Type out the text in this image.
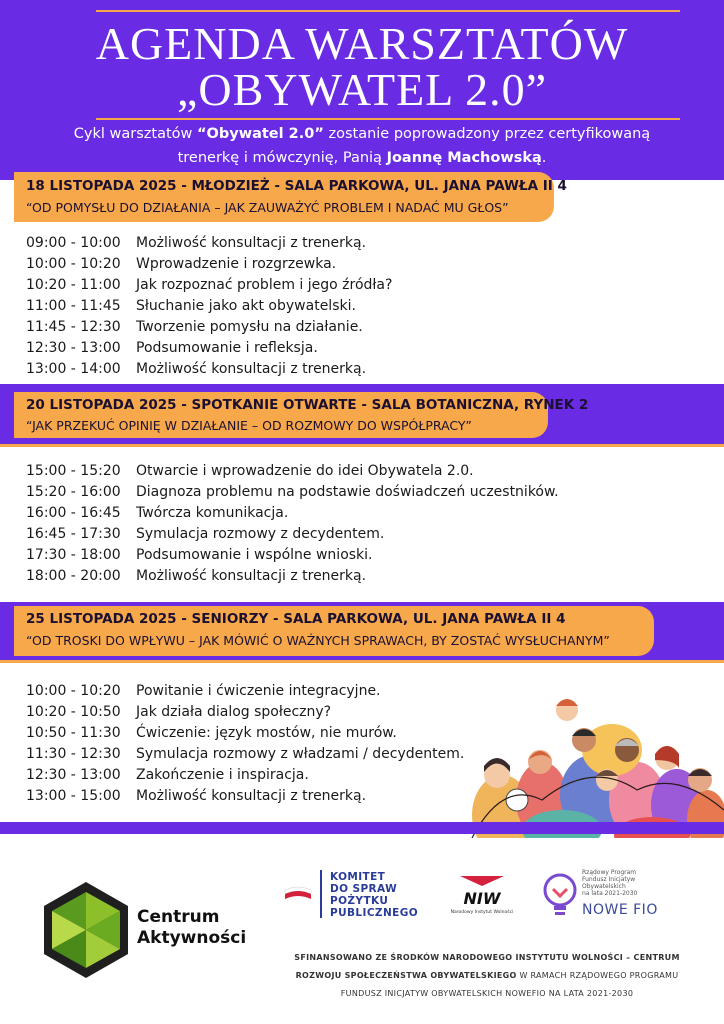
AGENDA WARSZTATÓW
„OBYWATEL 2.0”
Cykl warsztatów “Obywatel 2.0” zostanie poprowadzony przez certyfikowaną
trenerkę i mówczynię, Panią Joannę Machowską.
18 LISTOPADA 2025 - MŁODZIEŻ - SALA PARKOWA, UL. JANA PAWŁA II 4
“OD POMYSŁU DO DZIAŁANIA – JAK ZAUWAŻYĆ PROBLEM I NADAĆ MU GŁOS”
09:00 - 10:00	Możliwość konsultacji z trenerką.
10:00 - 10:20	Wprowadzenie i rozgrzewka.
10:20 - 11:00	Jak rozpoznać problem i jego źródła?
11:00 - 11:45	Słuchanie jako akt obywatelski.
11:45 - 12:30	Tworzenie pomysłu na działanie.
12:30 - 13:00	Podsumowanie i refleksja.
13:00 - 14:00	Możliwość konsultacji z trenerką.
20 LISTOPADA 2025 - SPOTKANIE OTWARTE - SALA BOTANICZNA, RYNEK 2
“JAK PRZEKUĆ OPINIĘ W DZIAŁANIE – OD ROZMOWY DO WSPÓŁPRACY”
15:00 - 15:20	Otwarcie i wprowadzenie do idei Obywatela 2.0.
15:20 - 16:00	Diagnoza problemu na podstawie doświadczeń uczestników.
16:00 - 16:45	Twórcza komunikacja.
16:45 - 17:30	Symulacja rozmowy z decydentem.
17:30 - 18:00	Podsumowanie i wspólne wnioski.
18:00 - 20:00	Możliwość konsultacji z trenerką.
25 LISTOPADA 2025 - SENIORZY - SALA PARKOWA, UL. JANA PAWŁA II 4
“OD TROSKI DO WPŁYWU – JAK MÓWIĆ O WAŻNYCH SPRAWACH, BY ZOSTAĆ WYSŁUCHANYM”
10:00 - 10:20	Powitanie i ćwiczenie integracyjne.
10:20 - 10:50	Jak działa dialog społeczny?
10:50 - 11:30	Ćwiczenie: język mostów, nie murów.
11:30 - 12:30	Symulacja rozmowy z władzami / decydentem.
12:30 - 13:00	Zakończenie i inspiracja.
13:00 - 15:00	Możliwość konsultacji z trenerką.
Centrum
Aktywności
KOMITET
DO SPRAW
POŻYTKU
PUBLICZNEGO
NIW
Narodowy Instytut Wolności
Rządowy Program
Fundusz Inicjatyw
Obywatelskich
na lata 2021-2030
NOWE FIO
SFINANSOWANO ZE ŚRODKÓW NARODOWEGO INSTYTUTU WOLNOŚCI – CENTRUM
ROZWOJU SPOŁECZEŃSTWA OBYWATELSKIEGO W RAMACH RZĄDOWEGO PROGRAMU
FUNDUSZ INICJATYW OBYWATELSKICH NOWEFIO NA LATA 2021-2030
